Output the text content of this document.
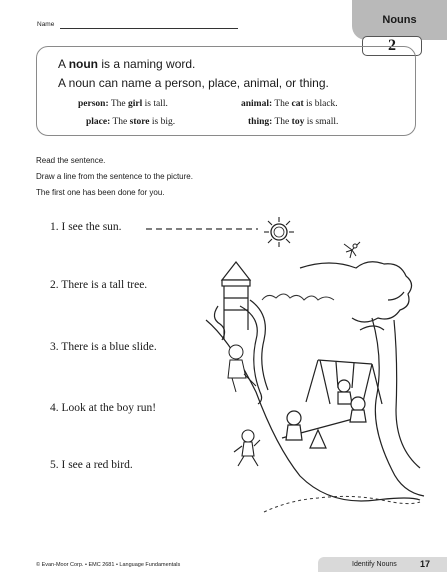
Name	Nouns
2
A noun is a naming word.
A noun can name a person, place, animal, or thing.
person: The girl is tall.
place: The store is big.
animal: The cat is black.
thing: The toy is small.
Read the sentence.
Draw a line from the sentence to the picture.
The first one has been done for you.
1. I see the sun.
2. There is a tall tree.
3. There is a blue slide.
4. Look at the boy run!
5. I see a red bird.
© Evan-Moor Corp. • EMC 2681 • Language Fundamentals	Identify Nouns	17
